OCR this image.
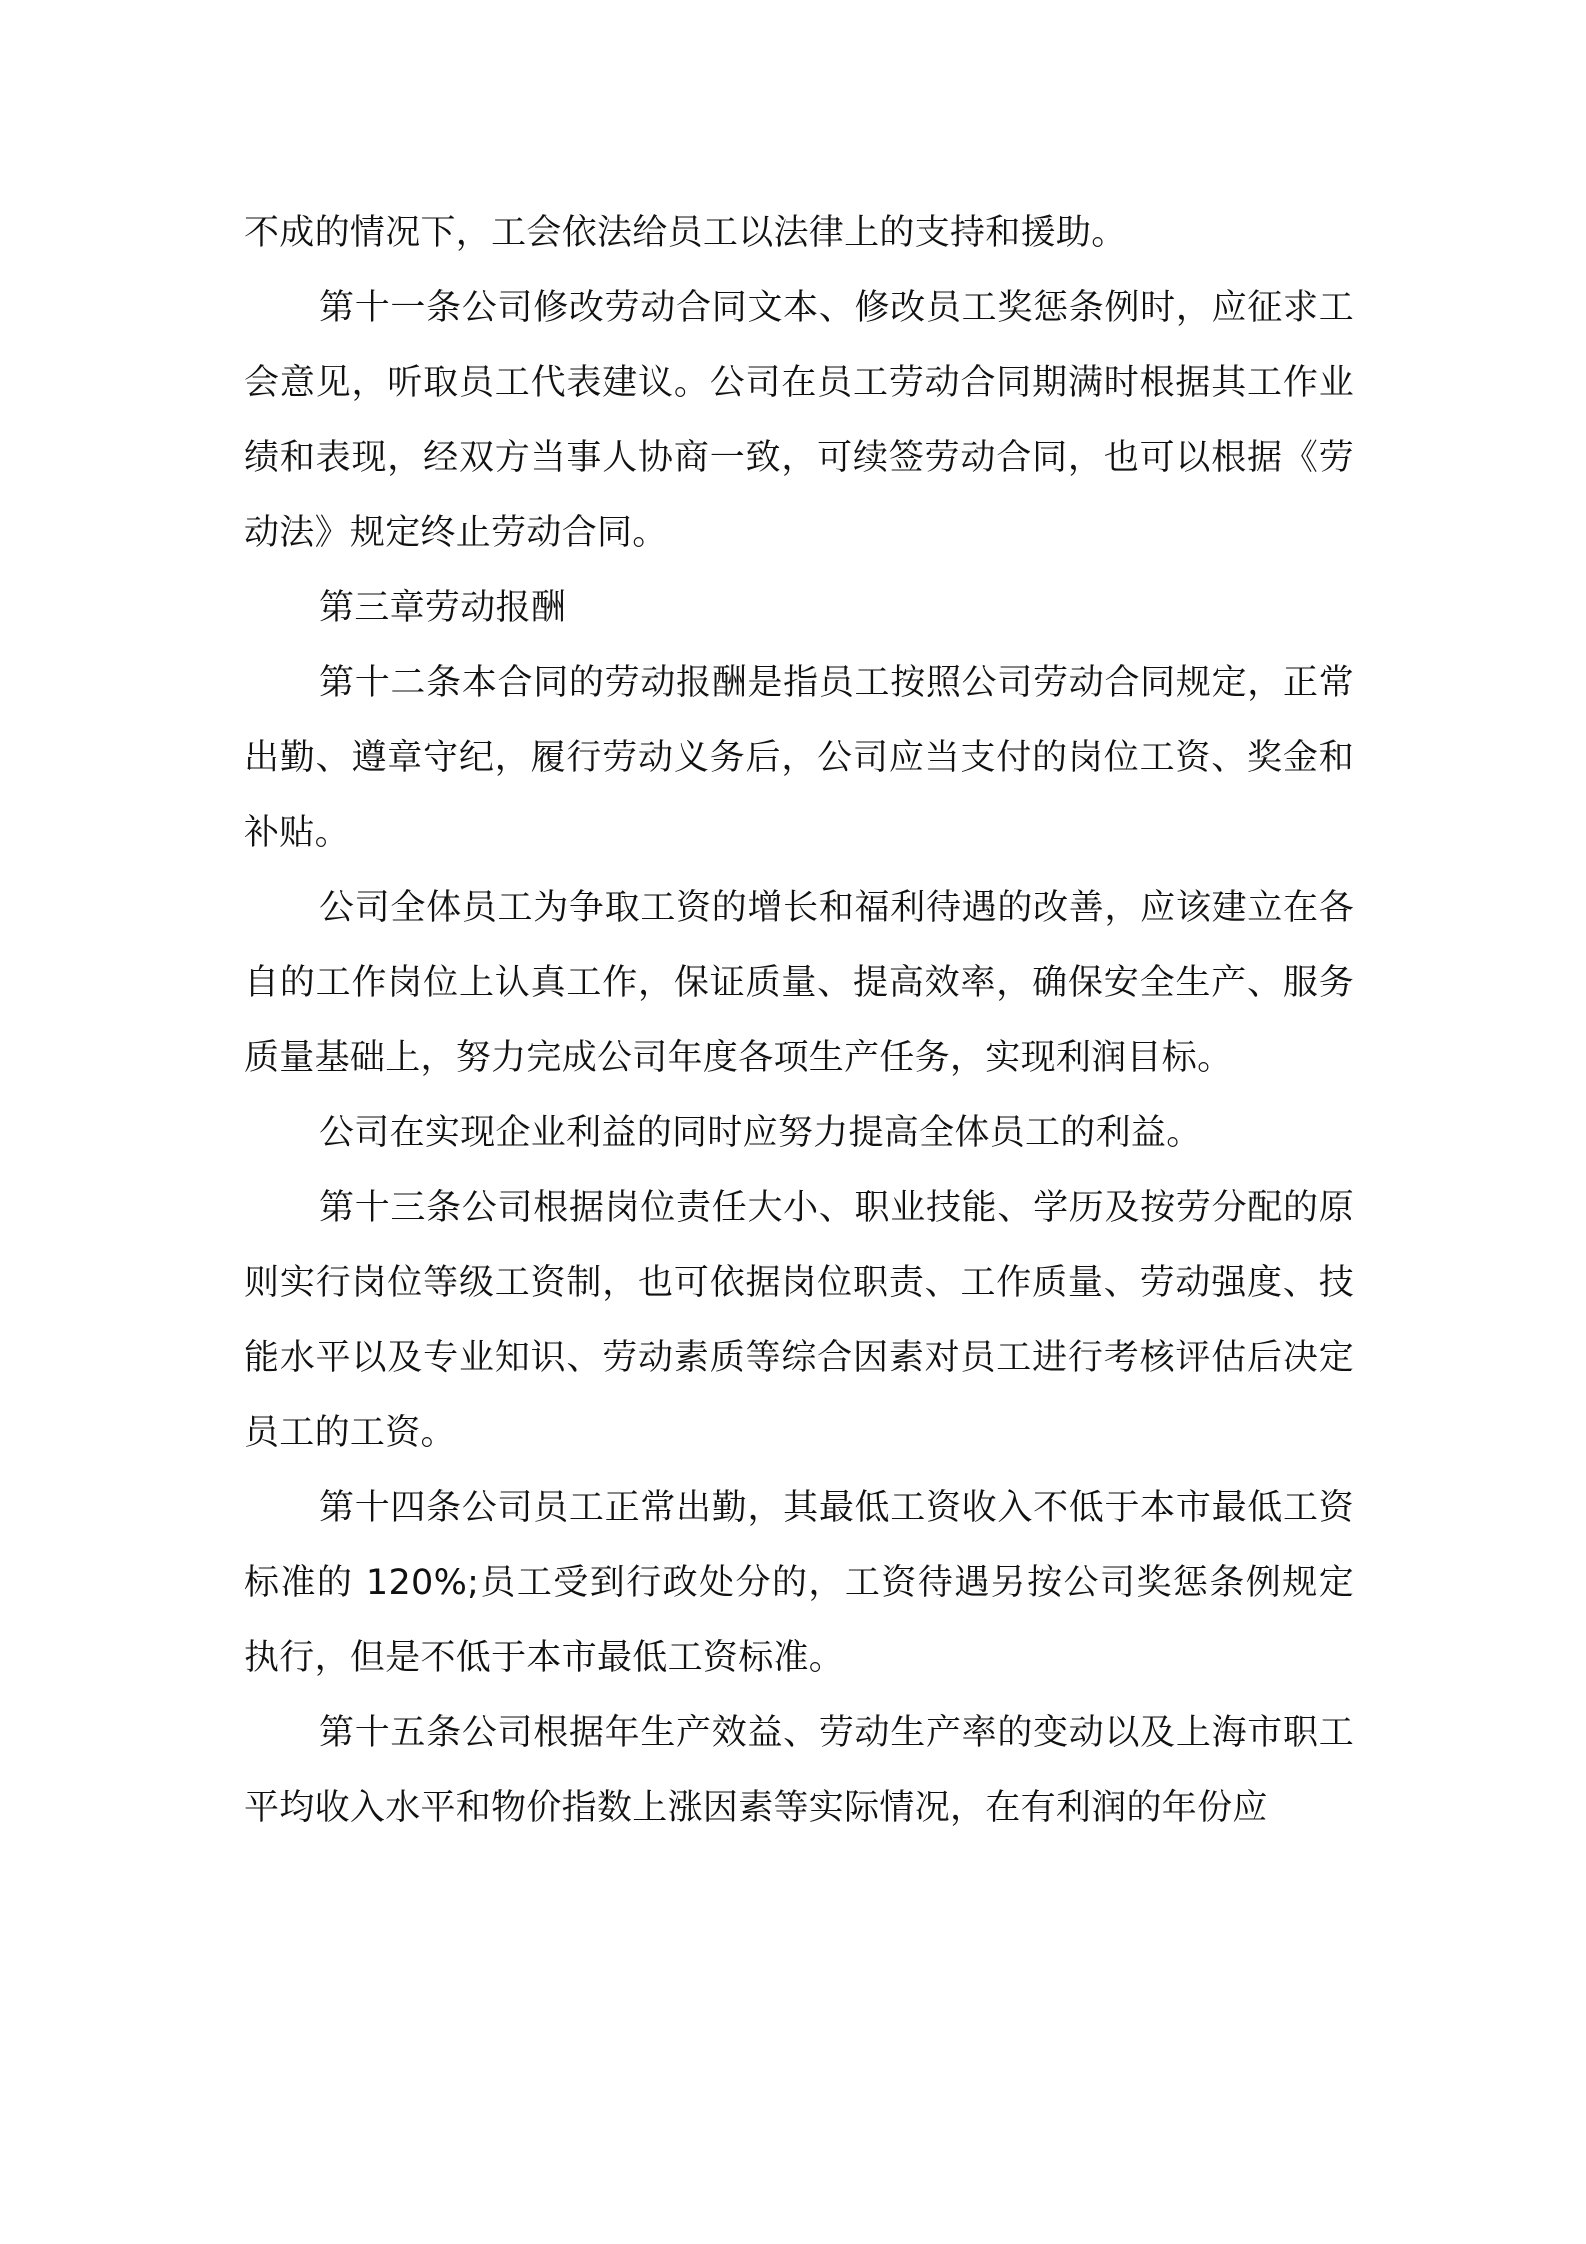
不成的情况下，工会依法给员工以法律上的支持和援助。

第十一条公司修改劳动合同文本、修改员工奖惩条例时，应征求工会意见，听取员工代表建议。公司在员工劳动合同期满时根据其工作业绩和表现，经双方当事人协商一致，可续签劳动合同，也可以根据《劳动法》规定终止劳动合同。

第三章劳动报酬

第十二条本合同的劳动报酬是指员工按照公司劳动合同规定，正常出勤、遵章守纪，履行劳动义务后，公司应当支付的岗位工资、奖金和补贴。

公司全体员工为争取工资的增长和福利待遇的改善，应该建立在各自的工作岗位上认真工作，保证质量、提高效率，确保安全生产、服务质量基础上，努力完成公司年度各项生产任务，实现利润目标。

公司在实现企业利益的同时应努力提高全体员工的利益。

第十三条公司根据岗位责任大小、职业技能、学历及按劳分配的原则实行岗位等级工资制，也可依据岗位职责、工作质量、劳动强度、技能水平以及专业知识、劳动素质等综合因素对员工进行考核评估后决定员工的工资。

第十四条公司员工正常出勤，其最低工资收入不低于本市最低工资标准的 120%;员工受到行政处分的，工资待遇另按公司奖惩条例规定执行，但是不低于本市最低工资标准。

第十五条公司根据年生产效益、劳动生产率的变动以及上海市职工平均收入水平和物价指数上涨因素等实际情况，在有利润的年份应
